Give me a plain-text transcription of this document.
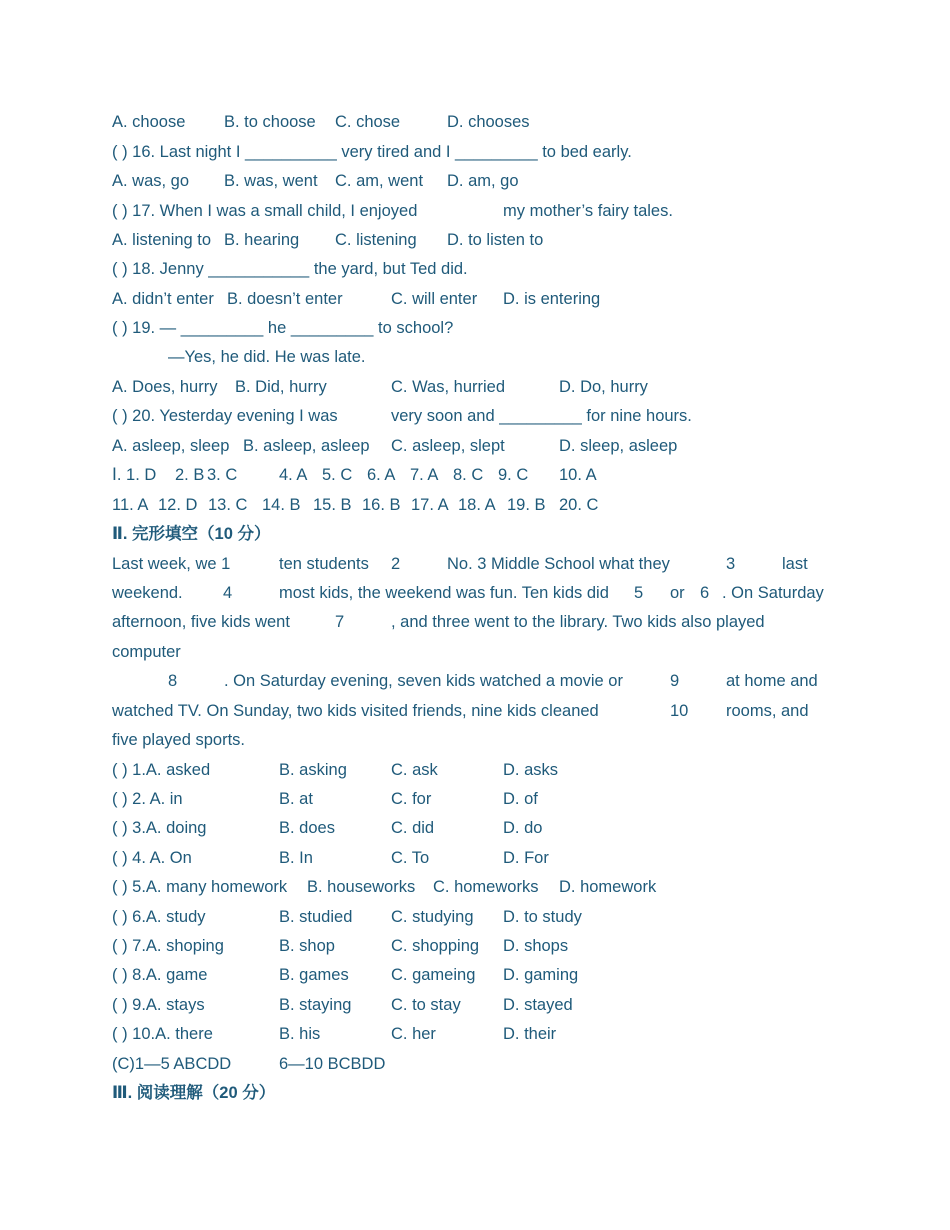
A. choose B. to choose C. chose	D. chooses
( ) 16. Last night I __________ very tired and I _________ to bed early.
A. was, go B. was, went C. am, went D. am, go
( ) 17. When I was a small child, I enjoyed	my mother’s fairy tales.
A. listening to B. hearing C. listening D. to listen to
( ) 18. Jenny ___________ the yard, but Ted did.
A. didn’t enter B. doesn’t enter	C. will enter D. is entering
( ) 19. — _________ he _________ to school?
—Yes, he did. He was late.
A. Does, hurry B. Did, hurry	C. Was, hurried	D. Do, hurry
( ) 20. Yesterday evening I was	very soon and _________ for nine hours.
A. asleep, sleep B. asleep, asleep C. asleep, slept	D. sleep, asleep
Ⅰ. 1. D 2. B 3. C	4. A 5. C 6. A 7. A 8. C 9. C 10. A
11. A 12. D 13. C 14. B 15. B 16. B 17. A 18. A 19. B 20. C
Ⅱ. 完形填空（10 分）
Last week, we 1	ten students 2	No. 3 Middle School what they	3	last
weekend. 4	most kids, the weekend was fun. Ten kids did 5 or 6 . On Saturday
afternoon, five kids went	7	, and three went to the library. Two kids also played
computer
8	. On Saturday evening, seven kids watched a movie or	9	at home and
watched TV. On Sunday, two kids visited friends, nine kids cleaned	10 rooms, and
five played sports.
( ) 1.A. asked	B. asking	C. ask	D. asks
( ) 2. A. in	B. at	C. for	D. of
( ) 3.A. doing	B. does	C. did	D. do
( ) 4. A. On	B. In	C. To	D. For
( ) 5.A. many homework B. houseworks C. homeworks D. homework
( ) 6.A. study	B. studied C. studying D. to study
( ) 7.A. shoping	B. shop	C. shopping D. shops
( ) 8.A. game	B. games	C. gameing D. gaming
( ) 9.A. stays	B. staying C. to stay	D. stayed
( ) 10.A. there	B. his	C. her	D. their
(C)1—5 ABCDD	6—10 BCBDD
Ⅲ. 阅读理解（20 分）
